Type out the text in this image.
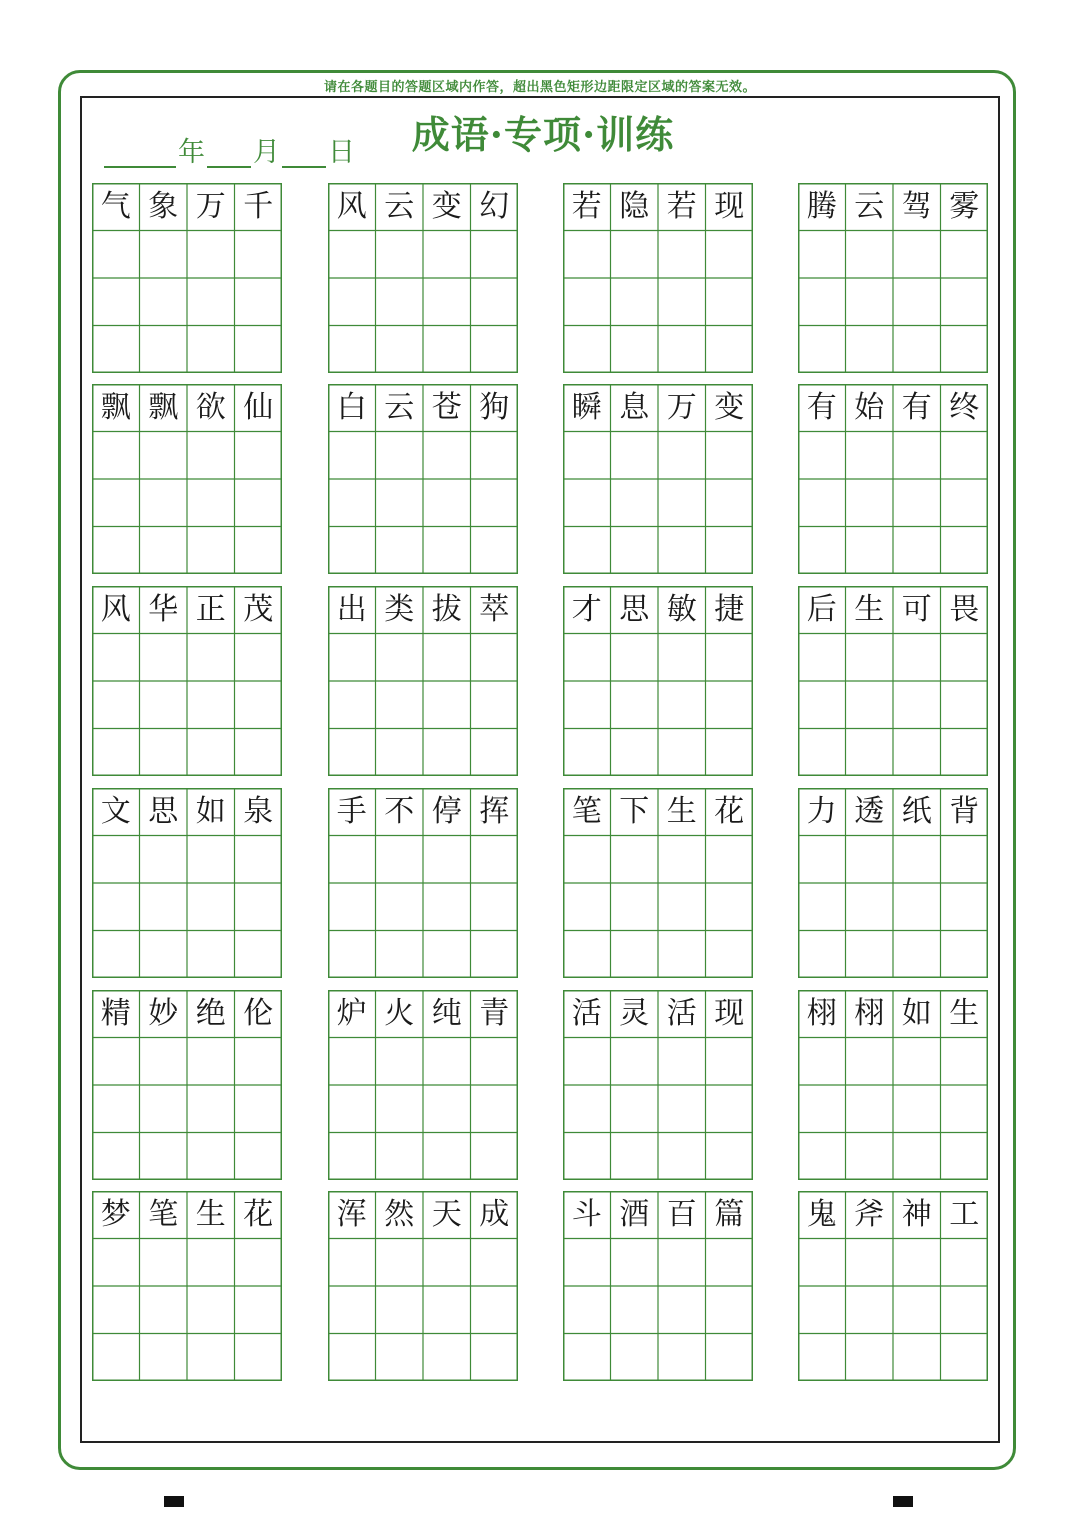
请在各题目的答题区域内作答，超出黑色矩形边距限定区域的答案无效。
年 月 日	成语·专项·训练
气 象 万 千 风 云 变 幻 若 隐 若 现 腾 云 驾 雾
飘 飘 欲 仙 白 云 苍 狗 瞬 息 万 变 有 始 有 终
风 华 正 茂 出 类 拔 萃 才 思 敏 捷 后 生 可 畏
文 思 如 泉 手 不 停 挥 笔 下 生 花 力 透 纸 背
精 妙 绝 伦 炉 火 纯 青 活 灵 活 现 栩 栩 如 生
梦 笔 生 花 浑 然 天 成 斗 酒 百 篇 鬼 斧 神 工
